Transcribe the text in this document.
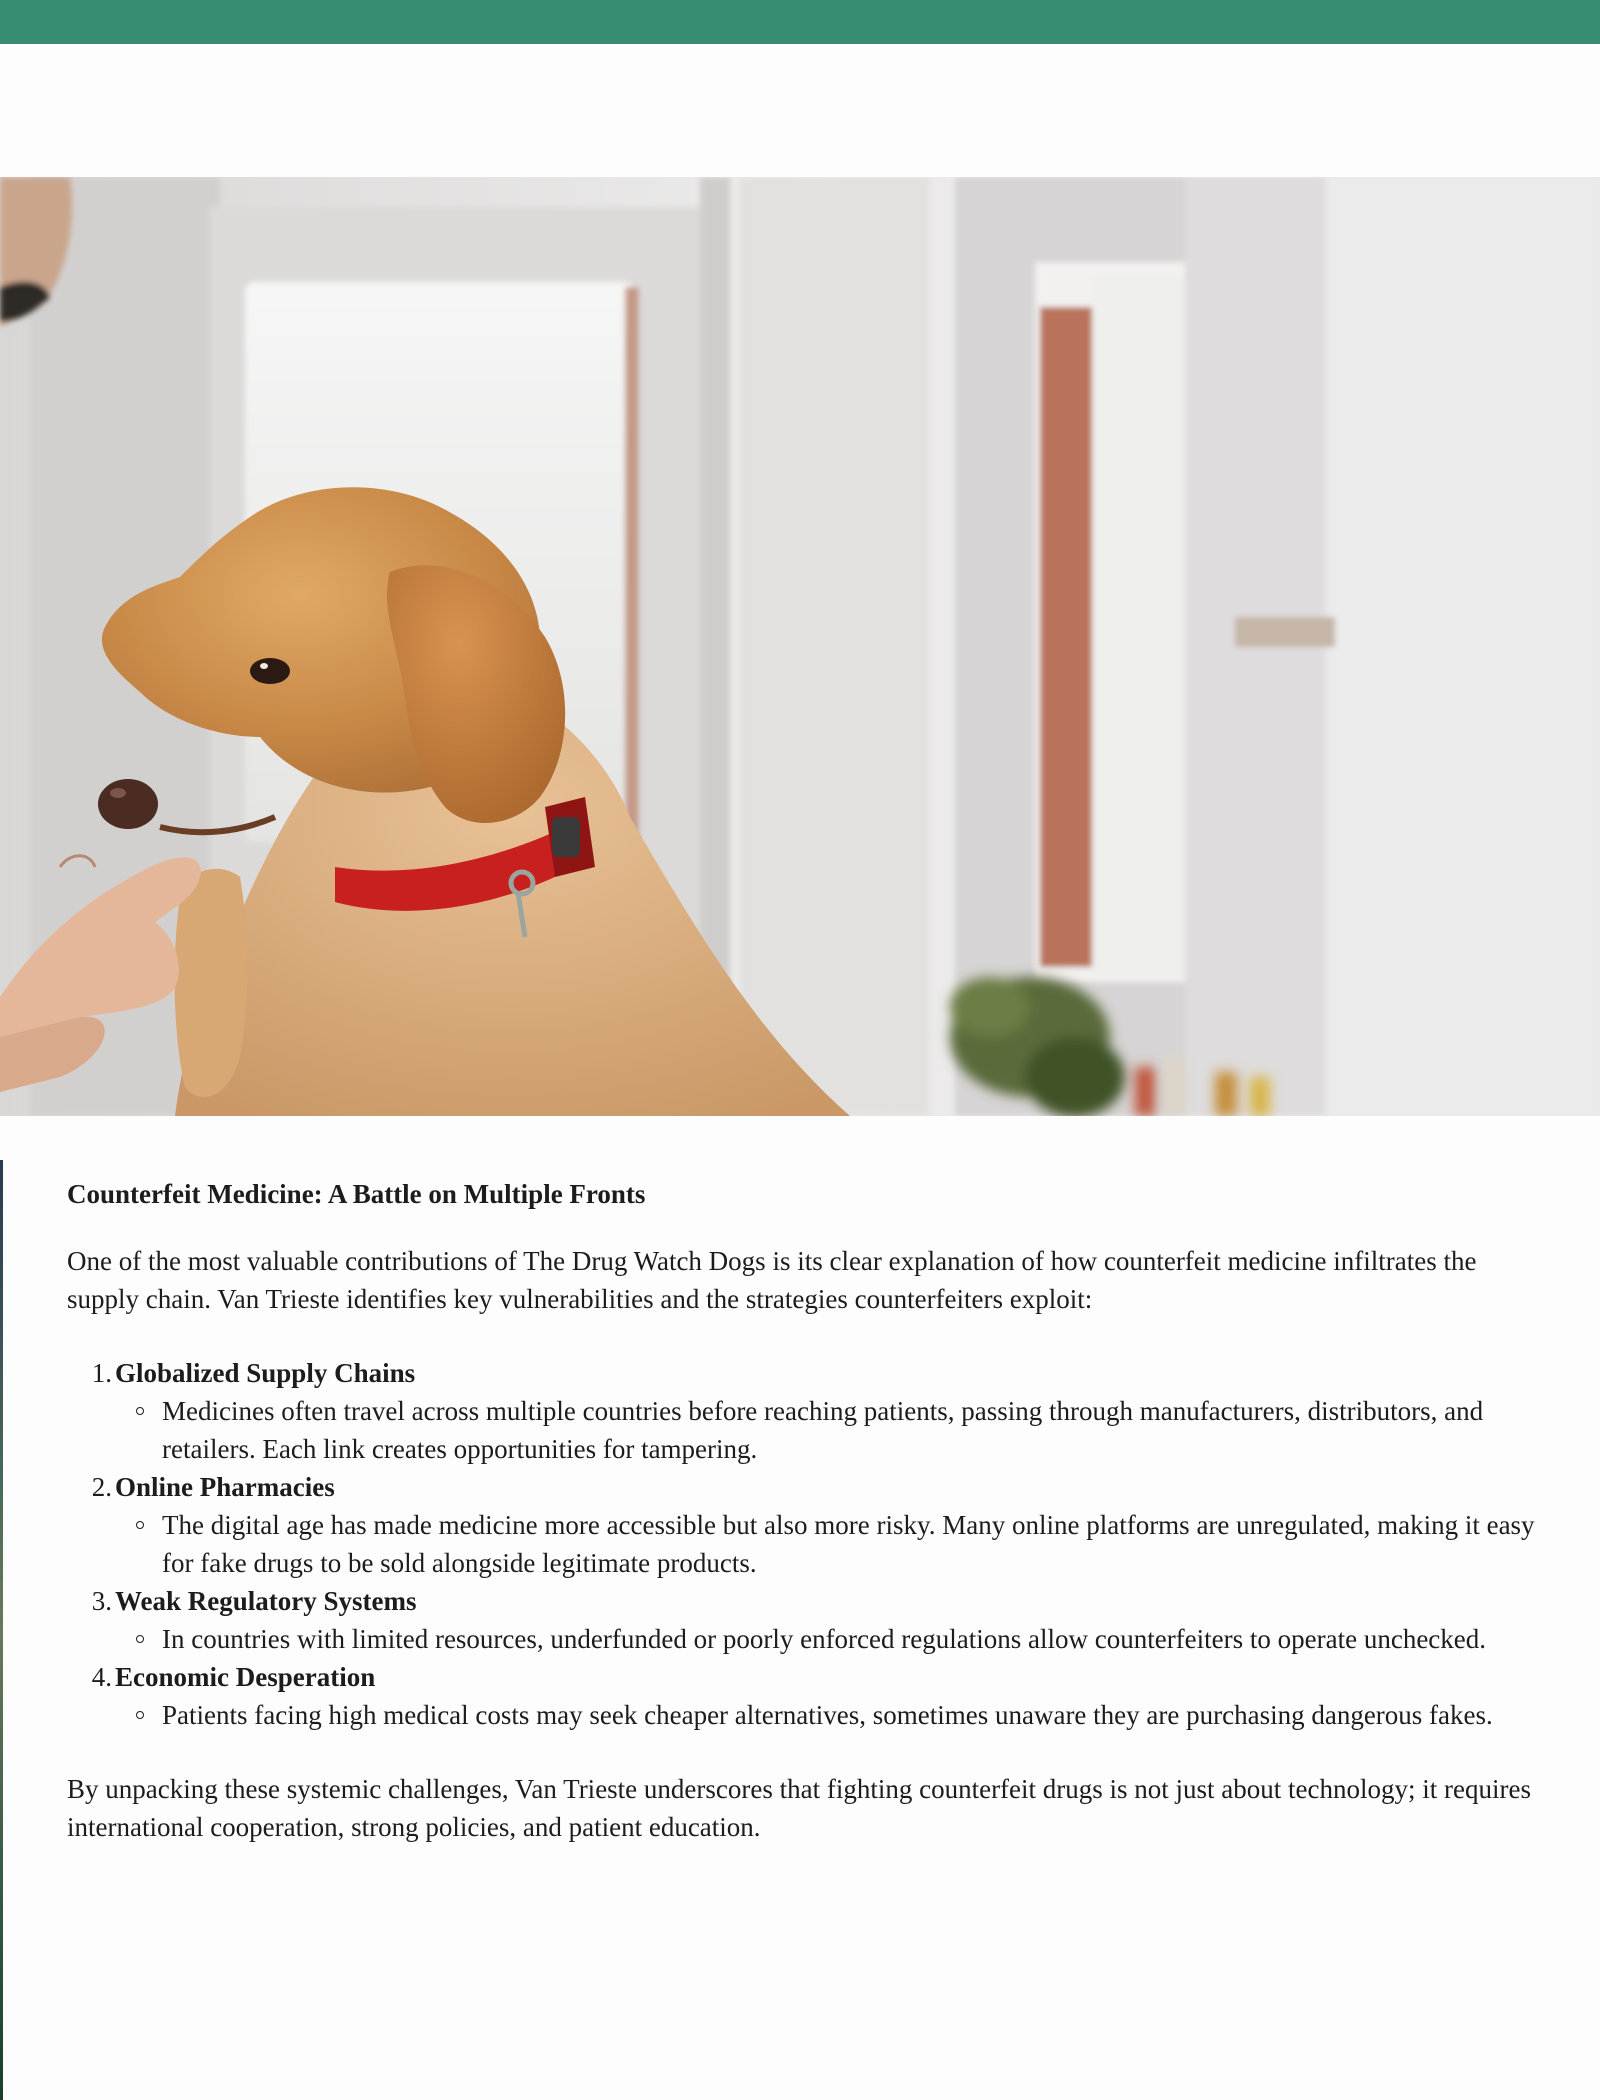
Counterfeit Medicine: A Battle on Multiple Fronts

One of the most valuable contributions of The Drug Watch Dogs is its clear explanation of how counterfeit medicine infiltrates the supply chain. Van Trieste identifies key vulnerabilities and the strategies counterfeiters exploit:

1. Globalized Supply Chains
Medicines often travel across multiple countries before reaching patients, passing through manufacturers, distributors, and retailers. Each link creates opportunities for tampering.
2. Online Pharmacies
The digital age has made medicine more accessible but also more risky. Many online platforms are unregulated, making it easy for fake drugs to be sold alongside legitimate products.
3. Weak Regulatory Systems
In countries with limited resources, underfunded or poorly enforced regulations allow counterfeiters to operate unchecked.
4. Economic Desperation
Patients facing high medical costs may seek cheaper alternatives, sometimes unaware they are purchasing dangerous fakes.

By unpacking these systemic challenges, Van Trieste underscores that fighting counterfeit drugs is not just about technology; it requires international cooperation, strong policies, and patient education.
